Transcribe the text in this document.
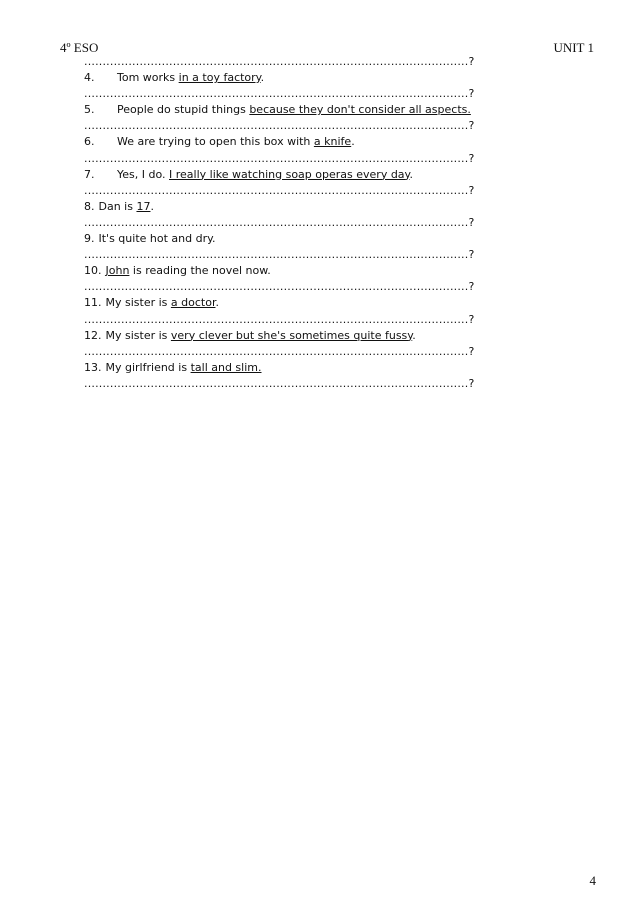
4º ESO	UNIT 1
........................................................................................................?
4. Tom works in a toy factory.
........................................................................................................?
5. People do stupid things because they don't consider all aspects.
........................................................................................................?
6. We are trying to open this box with a knife.
........................................................................................................?
7. Yes, I do. I really like watching soap operas every day.
........................................................................................................?
8. Dan is 17.
........................................................................................................?
9. It's quite hot and dry.
........................................................................................................?
10. John is reading the novel now.
........................................................................................................?
11. My sister is a doctor.
........................................................................................................?
12. My sister is very clever but she's sometimes quite fussy.
........................................................................................................?
13. My girlfriend is tall and slim.
........................................................................................................?
4
